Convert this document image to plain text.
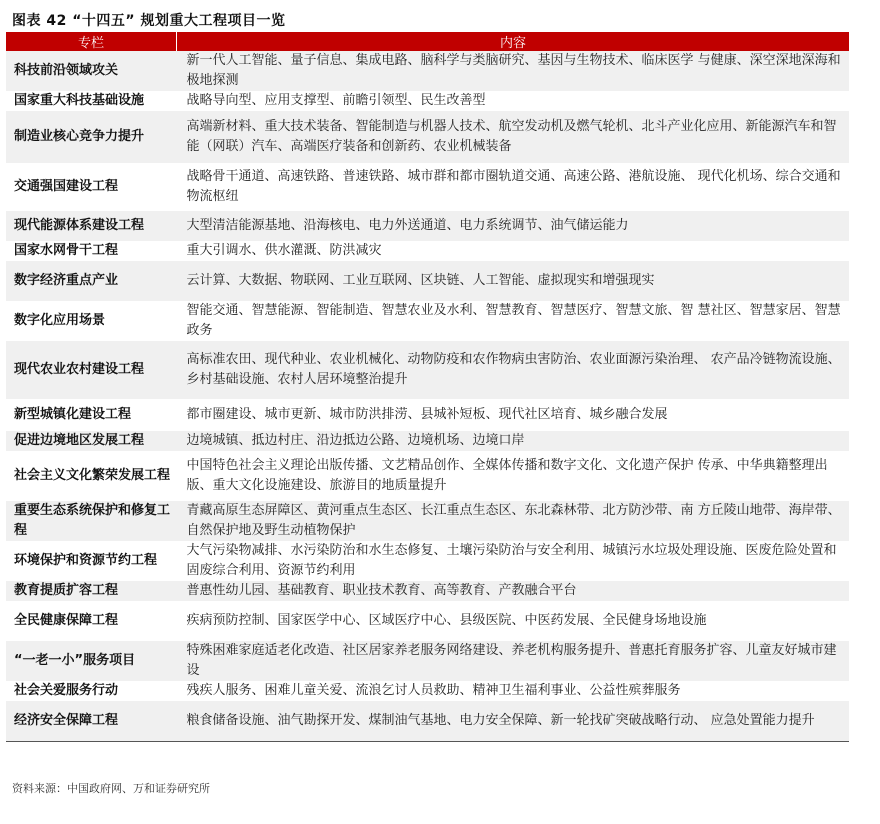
图表 42 “十四五” 规划重大工程项目一览
专栏	内容
科技前沿领域攻关	新一代人工智能、量子信息、集成电路、脑科学与类脑研究、基因与生物技术、临床医学 与健康、深空深地深海和极地探测
国家重大科技基础设施	战略导向型、应用支撑型、前瞻引领型、民生改善型
制造业核心竞争力提升	高端新材料、重大技术装备、智能制造与机器人技术、航空发动机及燃气轮机、北斗产业化应用、新能源汽车和智能（网联）汽车、高端医疗装备和创新药、农业机械装备
交通强国建设工程	战略骨干通道、高速铁路、普速铁路、城市群和都市圈轨道交通、高速公路、港航设施、 现代化机场、综合交通和物流枢纽
现代能源体系建设工程	大型清洁能源基地、沿海核电、电力外送通道、电力系统调节、油气储运能力
国家水网骨干工程	重大引调水、供水灌溉、防洪减灾
数字经济重点产业	云计算、大数据、物联网、工业互联网、区块链、人工智能、虚拟现实和增强现实
数字化应用场景	智能交通、智慧能源、智能制造、智慧农业及水利、智慧教育、智慧医疗、智慧文旅、智 慧社区、智慧家居、智慧政务
现代农业农村建设工程	高标准农田、现代种业、农业机械化、动物防疫和农作物病虫害防治、农业面源污染治理、 农产品冷链物流设施、乡村基础设施、农村人居环境整治提升
新型城镇化建设工程	都市圈建设、城市更新、城市防洪排涝、县城补短板、现代社区培育、城乡融合发展
促进边境地区发展工程	边境城镇、抵边村庄、沿边抵边公路、边境机场、边境口岸
社会主义文化繁荣发展工程	中国特色社会主义理论出版传播、文艺精品创作、全媒体传播和数字文化、文化遗产保护 传承、中华典籍整理出版、重大文化设施建设、旅游目的地质量提升
重要生态系统保护和修复工程	青藏高原生态屏障区、黄河重点生态区、长江重点生态区、东北森林带、北方防沙带、南 方丘陵山地带、海岸带、自然保护地及野生动植物保护
环境保护和资源节约工程	大气污染物减排、水污染防治和水生态修复、土壤污染防治与安全利用、城镇污水垃圾处理设施、医废危险处置和固废综合利用、资源节约利用
教育提质扩容工程	普惠性幼儿园、基础教育、职业技术教育、高等教育、产教融合平台
全民健康保障工程	疾病预防控制、国家医学中心、区域医疗中心、县级医院、中医药发展、全民健身场地设施
“一老一小”服务项目	特殊困难家庭适老化改造、社区居家养老服务网络建设、养老机构服务提升、普惠托育服务扩容、儿童友好城市建设
社会关爱服务行动	残疾人服务、困难儿童关爱、流浪乞讨人员救助、精神卫生福利事业、公益性殡葬服务
经济安全保障工程	粮食储备设施、油气勘探开发、煤制油气基地、电力安全保障、新一轮找矿突破战略行动、 应急处置能力提升
资料来源：中国政府网、万和证券研究所
